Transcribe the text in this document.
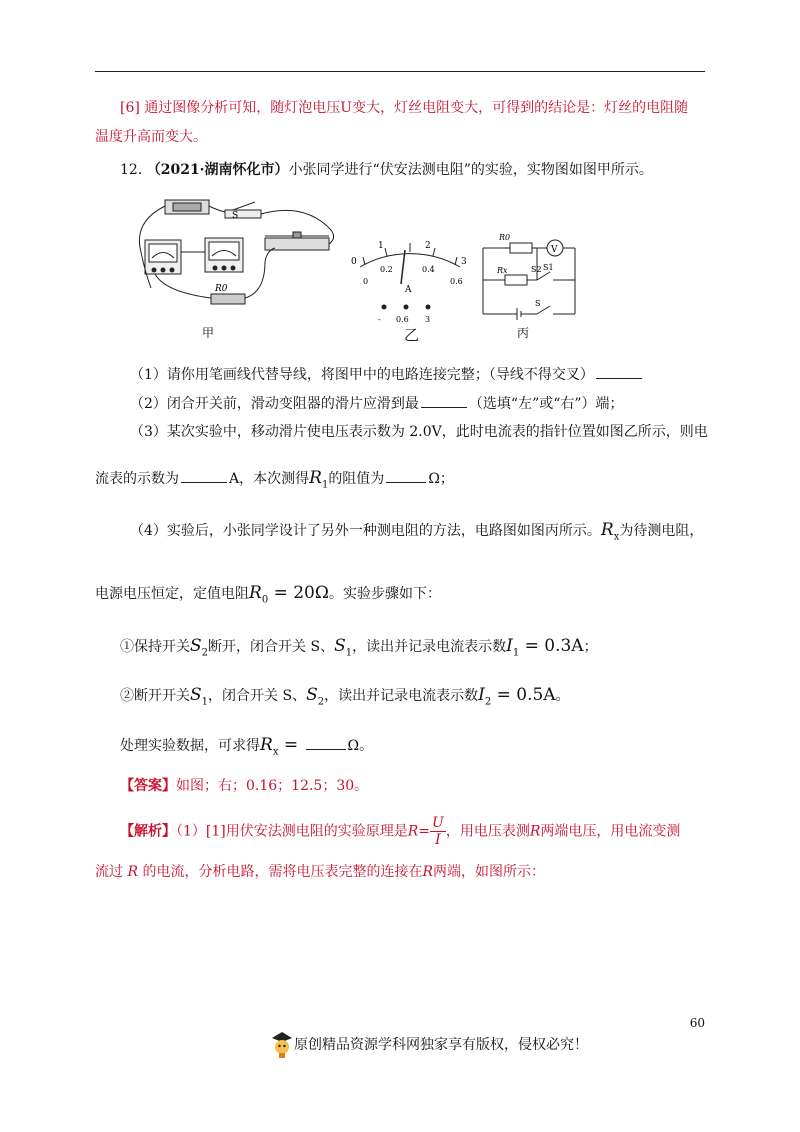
[6] 通过图像分析可知，随灯泡电压U变大，灯丝电阻变大，可得到的结论是：灯丝的电阻随
温度升高而变大。
12. （2021·湖南怀化市）小张同学进行“伏安法测电阻”的实验，实物图如图甲所示。
S
R0
0
1	2
3
0
0.2	0.4
0.6
A
- 0.6 3
R0
V
Rx	S2 S1
S
甲	乙	丙
（1）请你用笔画线代替导线，将图甲中的电路连接完整；（导线不得交叉）
（2）闭合开关前，滑动变阻器的滑片应滑到最	（选填“左”或“右”）端；
（3）某次实验中，移动滑片使电压表示数为 2.0V，此时电流表的指针位置如图乙所示，则电
流表的示数为	A，本次测得$R_1$的阻值为	Ω；
（4）实验后，小张同学设计了另外一种测电阻的方法，电路图如图丙所示。$R_x$为待测电阻，
电源电压恒定，定值电阻$R_0 = 20\Omega$。实验步骤如下：
①保持开关$S_2$断开，闭合开关 S、$S_1$，读出并记录电流表示数$I_1 = 0.3A$；
②断开开关$S_1$，闭合开关 S、$S_2$，读出并记录电流表示数$I_2 = 0.5A$。
处理实验数据，可求得$R_x$ =	Ω。
【答案】如图；右；0.16；12.5；30。
【解析】（1）[1]用伏安法测电阻的实验原理是$R= \frac{U}{I}$ ，用电压表测R两端电压，用电流变测
流过 R 的电流，分析电路，需将电压表完整的连接在R两端，如图所示：
60
原创精品资源学科网独家享有版权，侵权必究！
